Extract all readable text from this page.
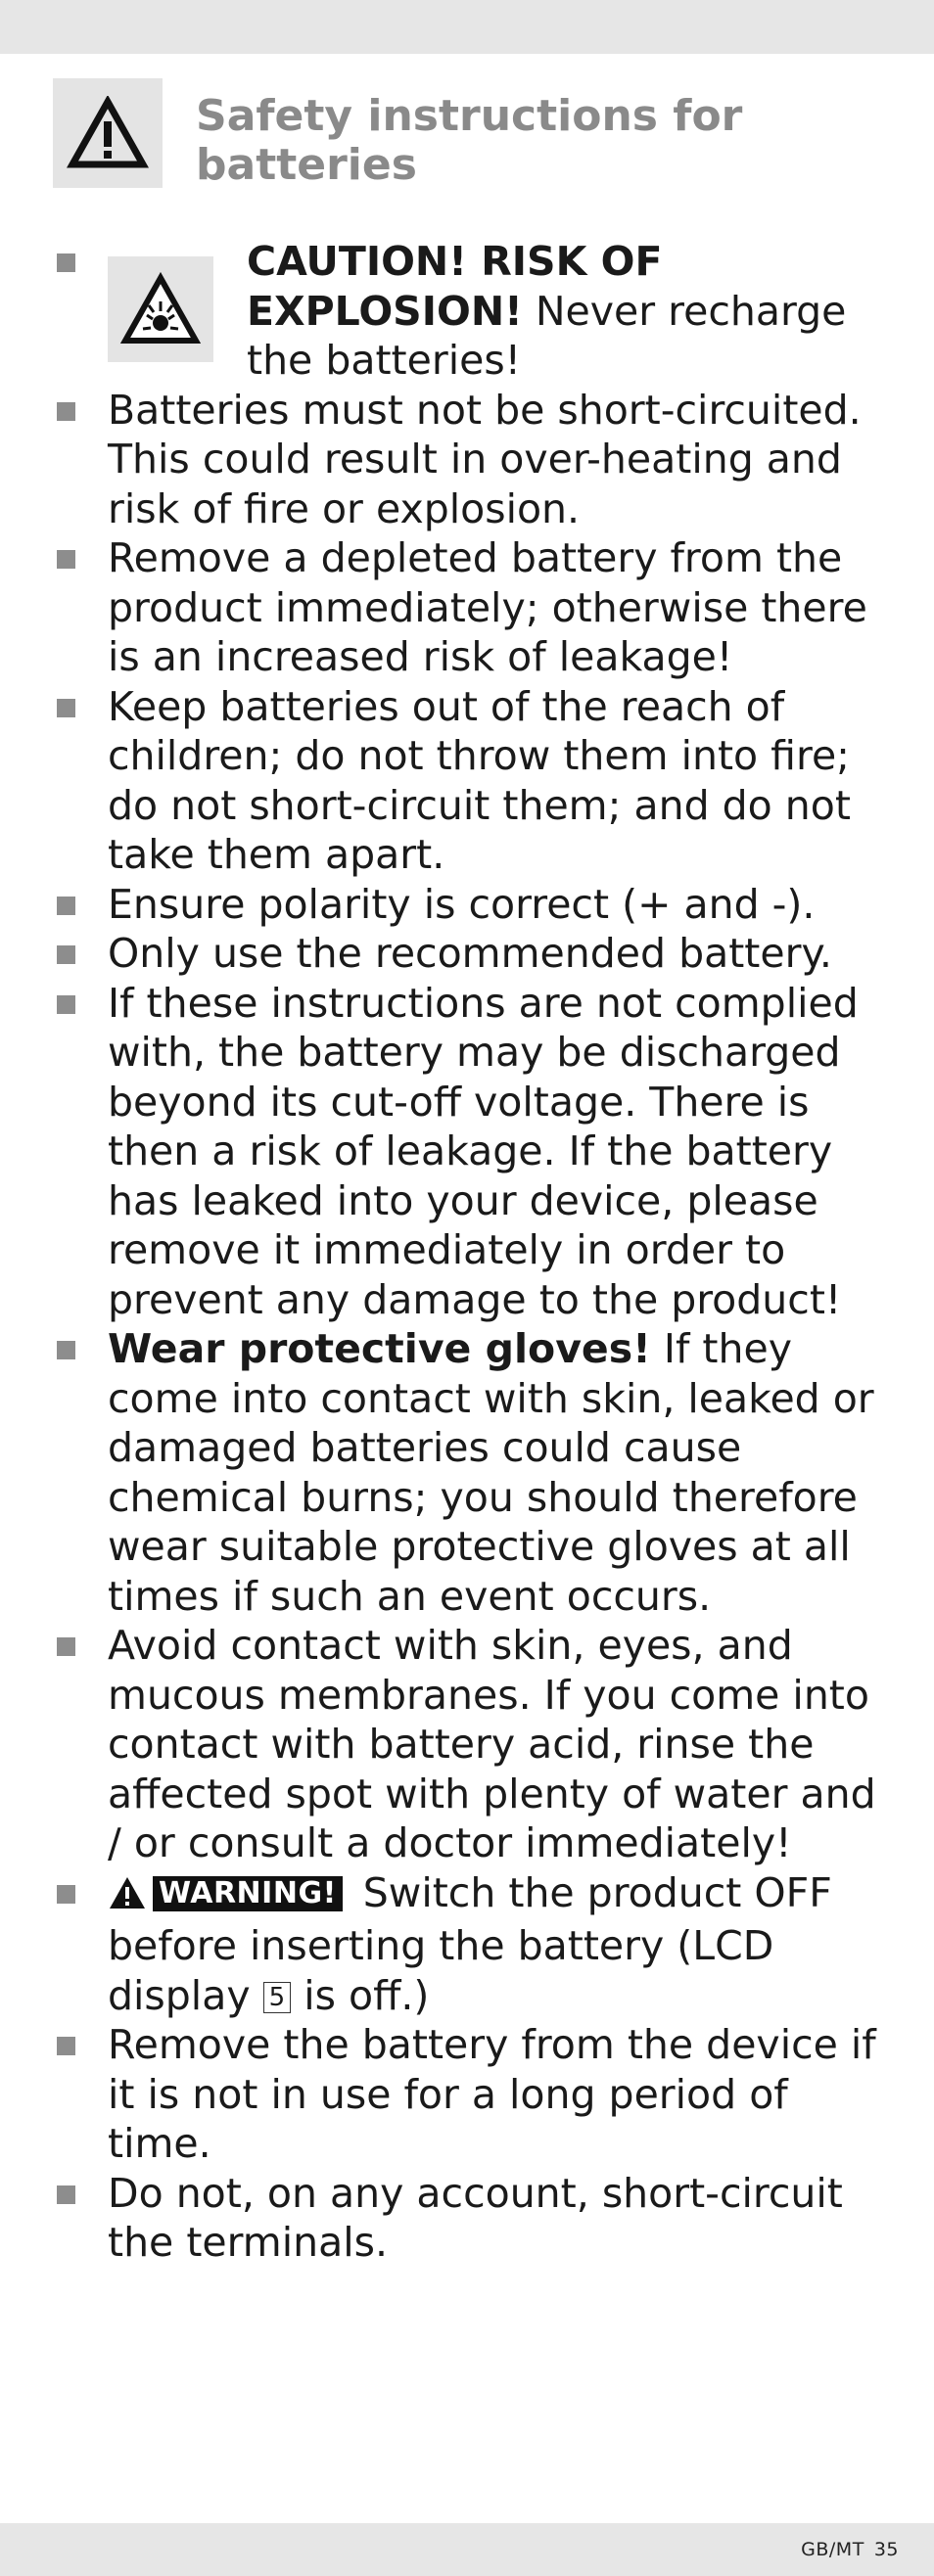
Safety instructions for batteries
CAUTION! RISK OF EXPLOSION! Never recharge the batteries!
Batteries must not be short-circuited. This could result in over-heating and risk of fire or explosion.
Remove a depleted battery from the product immediately; otherwise there is an increased risk of leakage!
Keep batteries out of the reach of children; do not throw them into fire; do not short-circuit them; and do not take them apart.
Ensure polarity is correct (+ and -).
Only use the recommended battery.
If these instructions are not complied with, the battery may be discharged beyond its cut-off voltage. There is then a risk of leakage. If the battery has leaked into your device, please remove it immediately in order to prevent any damage to the product!
Wear protective gloves! If they come into contact with skin, leaked or damaged batteries could cause chemical burns; you should therefore wear suitable protective gloves at all times if such an event occurs.
Avoid contact with skin, eyes, and mucous membranes. If you come into contact with battery acid, rinse the affected spot with plenty of water and / or consult a doctor immediately!
WARNING! Switch the product OFF before inserting the battery (LCD display 5 is off.)
Remove the battery from the device if it is not in use for a long period of time.
Do not, on any account, short-circuit the terminals.
GB/MT 35
